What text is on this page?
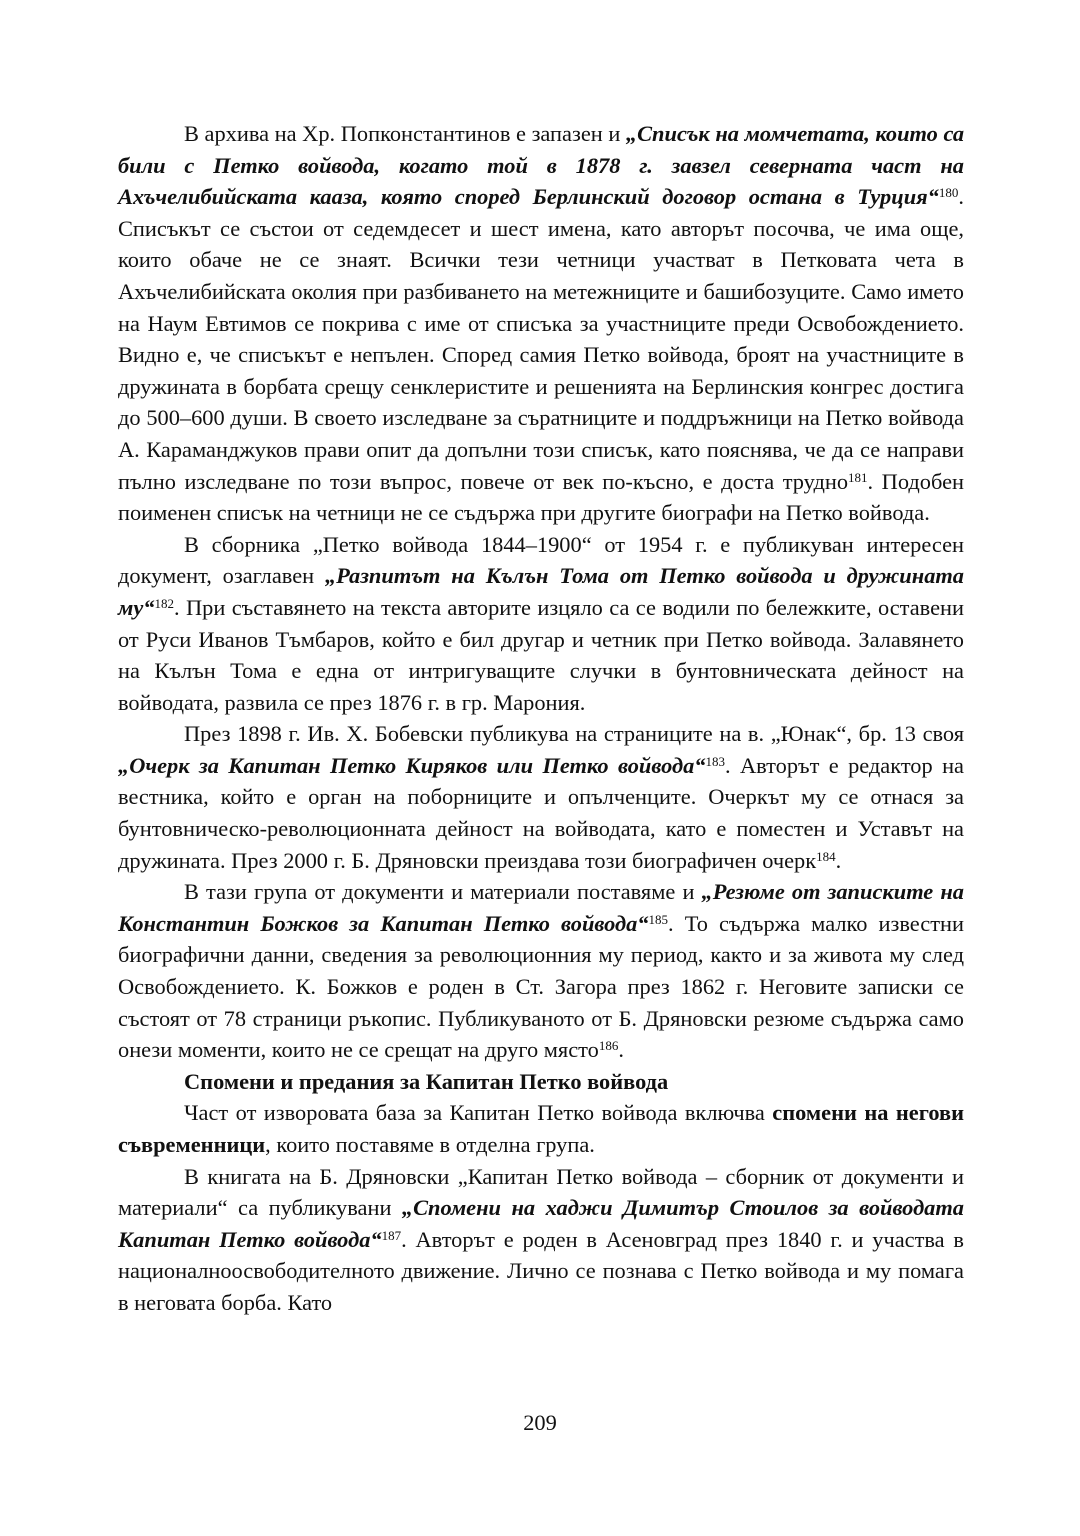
В архива на Хр. Попконстантинов е запазен и „Списък на момчетата, които са били с Петко войвода, когато той в 1878 г. завзел северната част на Ахъчелибийската кааза, която според Берлинский договор остана в Турция“$^{180}$. Списъкът се състои от седемдесет и шест имена, като авторът посочва, че има още, които обаче не се знаят. Всички тези четници участват в Петковата чета в Ахъчелибийската околия при разбиването на метежниците и башибозуците. Само името на Наум Евтимов се покрива с име от списъка за участниците преди Освобождението. Видно е, че списъкът е непълен. Според самия Петко войвода, броят на участниците в дружината в борбата срещу сенклеристите и решенията на Берлинския конгрес достига до 500–600 души. В своето изследване за съратниците и поддръжници на Петко войвода А. Караманджуков прави опит да допълни този списък, като пояснява, че да се направи пълно изследване по този въпрос, повече от век по-късно, е доста трудно$^{181}$. Подобен поименен списък на четници не се съдържа при другите биографи на Петко войвода.

В сборника „Петко войвода 1844–1900“ от 1954 г. е публикуван интересен документ, озаглавен „Разпитът на Кълън Тома от Петко войвода и дружината му“$^{182}$. При съставянето на текста авторите изцяло са се водили по бележките, оставени от Руси Иванов Тъмбаров, който е бил другар и четник при Петко войвода. Залавянето на Кълън Тома е една от интригуващите случки в бунтовническата дейност на войводата, развила се през 1876 г. в гр. Марония.

През 1898 г. Ив. Х. Бобевски публикува на страниците на в. „Юнак“, бр. 13 своя „Очерк за Капитан Петко Киряков или Петко войвода“$^{183}$. Авторът е редактор на вестника, който е орган на поборниците и опълченците. Очеркът му се отнася за бунтовническо-революционната дейност на войводата, като е поместен и Уставът на дружината. През 2000 г. Б. Дряновски преиздава този биографичен очерк$^{184}$.

В тази група от документи и материали поставяме и „Резюме от записките на Константин Божков за Капитан Петко войвода“$^{185}$. То съдържа малко известни биографични данни, сведения за революционния му период, както и за живота му след Освобождението. К. Божков е роден в Ст. Загора през 1862 г. Неговите записки се състоят от 78 страници ръкопис. Публикуваното от Б. Дряновски резюме съдържа само онези моменти, които не се срещат на друго място$^{186}$.

Спомени и предания за Капитан Петко войвода

Част от изворовата база за Капитан Петко войвода включва спомени на негови съвременници, които поставяме в отделна група.

В книгата на Б. Дряновски „Капитан Петко войвода – сборник от документи и материали“ са публикувани „Спомени на хаджи Димитър Стоилов за войводата Капитан Петко войвода“$^{187}$. Авторът е роден в Асеновград през 1840 г. и участва в националноосвободителното движение. Лично се познава с Петко войвода и му помага в неговата борба. Като

209
